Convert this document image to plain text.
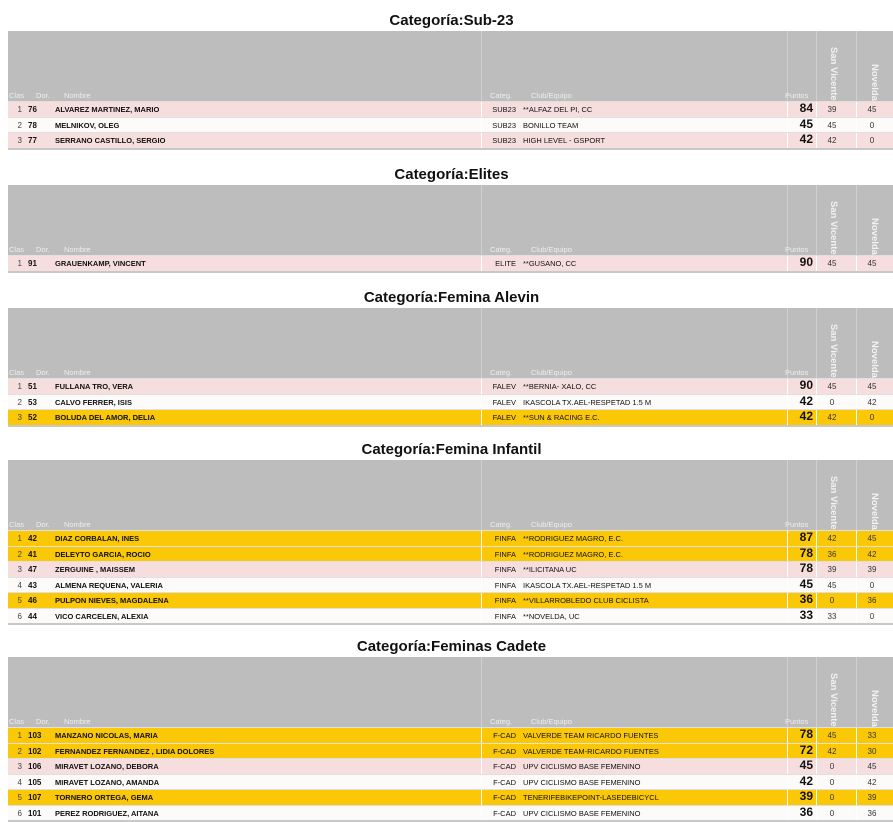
Categoría:Sub-23
Clas Dor. Nombre	Categ.	Club/Equipo	Puntos San Vicente	Novelda
1 76	ALVAREZ MARTINEZ, MARIO	SUB23 **ALFAZ DEL PI, CC	84	39	45
2 78	MELNIKOV, OLEG	SUB23 BONILLO TEAM	45	45	0
3 77	SERRANO CASTILLO, SERGIO	SUB23 HIGH LEVEL - GSPORT	42	42	0
Categoría:Elites
Clas Dor. Nombre	Categ.	Club/Equipo	Puntos San Vicente	Novelda
1 91	GRAUENKAMP, VINCENT	ELITE **GUSANO, CC	90	45	45
Categoría:Femina Alevin
Clas Dor. Nombre	Categ.	Club/Equipo	Puntos San Vicente	Novelda
1 51	FULLANA TRO, VERA	FALEV **BERNIA- XALO, CC	90	45	45
2 53	CALVO FERRER, ISIS	FALEV IKASCOLA TX.AEL-RESPETAD 1.5 M	42	0	42
3 52	BOLUDA DEL AMOR, DELIA	FALEV **SUN & RACING E.C.	42	42	0
Categoría:Femina Infantil
Clas Dor. Nombre	Categ.	Club/Equipo	Puntos San Vicente	Novelda
1 42	DIAZ CORBALAN, INES	FINFA **RODRIGUEZ MAGRO, E.C.	87	42	45
2 41	DELEYTO GARCIA, ROCIO	FINFA **RODRIGUEZ MAGRO, E.C.	78	36	42
3 47	ZERGUINE , MAISSEM	FINFA **ILICITANA UC	78	39	39
4 43	ALMENA REQUENA, VALERIA	FINFA IKASCOLA TX.AEL-RESPETAD 1.5 M	45	45	0
5 46	PULPON NIEVES, MAGDALENA	FINFA **VILLARROBLEDO CLUB CICLISTA	36	0	36
6 44	VICO CARCELEN, ALEXIA	FINFA **NOVELDA, UC	33	33	0
Categoría:Feminas Cadete
Clas Dor. Nombre	Categ.	Club/Equipo	Puntos San Vicente	Novelda
1 103	MANZANO NICOLAS, MARIA	F-CAD VALVERDE TEAM RICARDO FUENTES	78	45	33
2 102	FERNANDEZ FERNANDEZ , LIDIA DOLORES	F-CAD VALVERDE TEAM-RICARDO FUENTES	72	42	30
3 106	MIRAVET LOZANO, DEBORA	F-CAD UPV CICLISMO BASE FEMENINO	45	0	45
4 105	MIRAVET LOZANO, AMANDA	F-CAD UPV CICLISMO BASE FEMENINO	42	0	42
5 107	TORNERO ORTEGA, GEMA	F-CAD TENERIFEBIKEPOINT-LASEDEBICYCL	39	0	39
6 101	PEREZ RODRIGUEZ, AITANA	F-CAD UPV CICLISMO BASE FEMENINO	36	0	36
